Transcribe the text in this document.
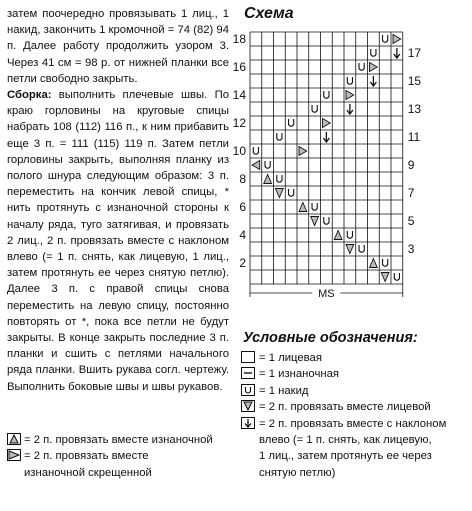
затем поочередно провязывать 1 лиц., 1 накид, закончить 1 кромочной = 74 (82) 94 п. Далее работу продолжить узором 3. Через 41 см = 98 р. от нижней планки все петли свободно закрыть.

Сборка: выполнить плечевые швы. По краю горловины на круговые спицы набрать 108 (112) 116 п., к ним прибавить еще 3 п. = 111 (115) 119 п. Затем петли горловины закрыть, выполняя планку из полого шнура следующим образом: 3 п. переместить на кончик левой спицы, * нить протянуть с изнаночной стороны к началу ряда, туго затягивая, и провязать 2 лиц., 2 п. провязать вместе с наклоном влево (= 1 п. снять, как лицевую, 1 лиц., затем протянуть ее через снятую петлю). Далее 3 п. с правой спицы снова переместить на левую спицу, постоянно повторять от *, пока все петли не будут закрыты. В конце закрыть последние 3 п. планки и сшить с петлями начального ряда планки. Вшить рукава согл. чертежу. Выполнить боковые швы и швы рукавов.

= 2 п. провязать вместе изнаночной
= 2 п. провязать вместе
изнаночной скрещенной
Схема
18
16
14
12
10
8
6
4
2
17
15
13
11
9
7
5
3
MS
Условные обозначения:
= 1 лицевая
= 1 изнаночная
= 1 накид
= 2 п. провязать вместе лицевой
= 2 п. провязать вместе с наклоном
влево (= 1 п. снять, как лицевую,
1 лиц., затем протянуть ее через
снятую петлю)
